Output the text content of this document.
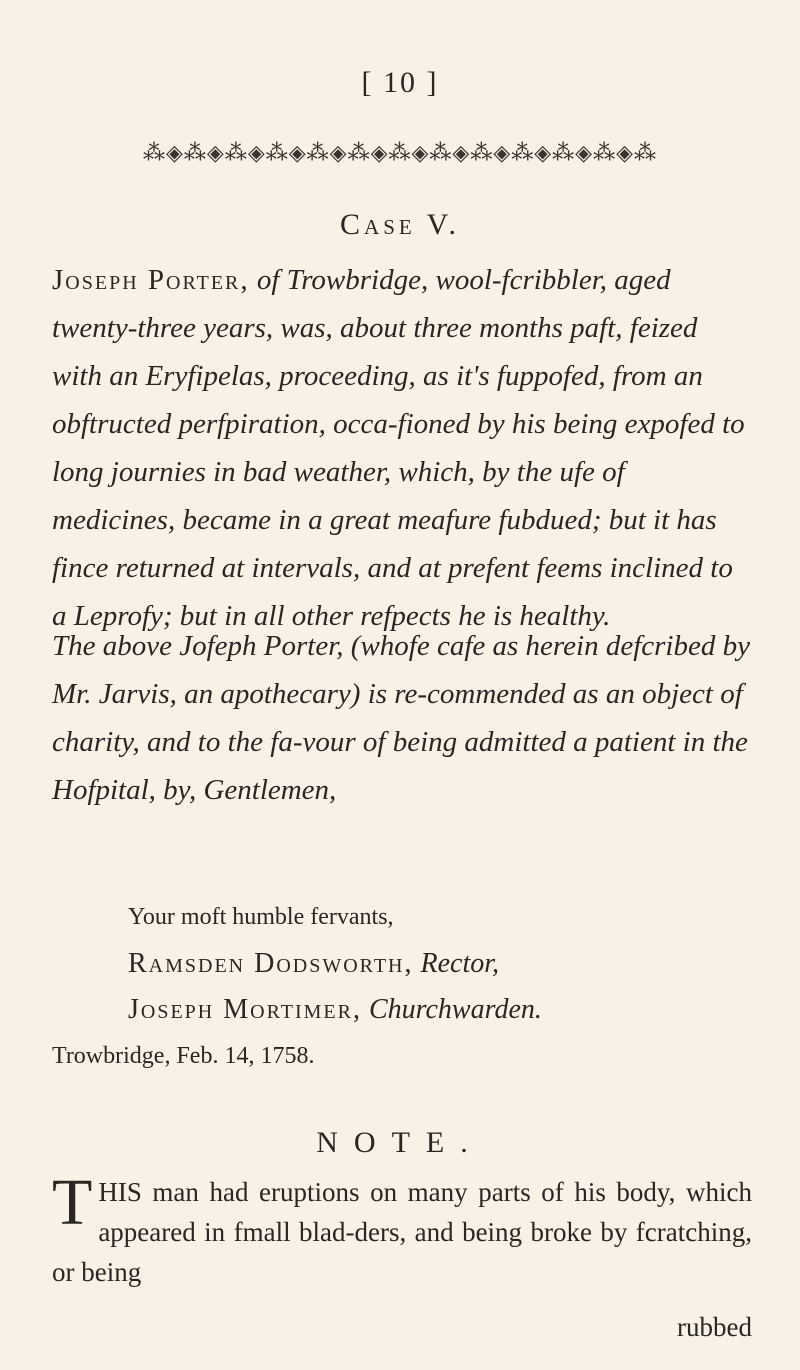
[ 10 ]
⁂◈⁂◈⁂◈⁂◈⁂◈⁂◈⁂◈⁂◈⁂◈⁂◈⁂◈⁂◈⁂
Case V.
Joseph Porter, of Trowbridge, wool-fcribbler, aged twenty-three years, was, about three months paft, feized with an Eryfipelas, proceeding, as it's fuppofed, from an obftructed perfpiration, occa-fioned by his being expofed to long journies in bad weather, which, by the ufe of medicines, became in a great meafure fubdued; but it has fince returned at intervals, and at prefent feems inclined to a Leprofy; but in all other refpects he is healthy.
The above Jofeph Porter, (whofe cafe as herein defcribed by Mr. Jarvis, an apothecary) is re-commended as an object of charity, and to the fa-vour of being admitted a patient in the Hofpital, by, Gentlemen,
Your moft humble fervants,
Ramsden Dodsworth, Rector,
Joseph Mortimer, Churchwarden.
Trowbridge, Feb. 14, 1758.
NOTE.
THIS man had eruptions on many parts of his body, which appeared in fmall blad-ders, and being broke by fcratching, or being
rubbed
